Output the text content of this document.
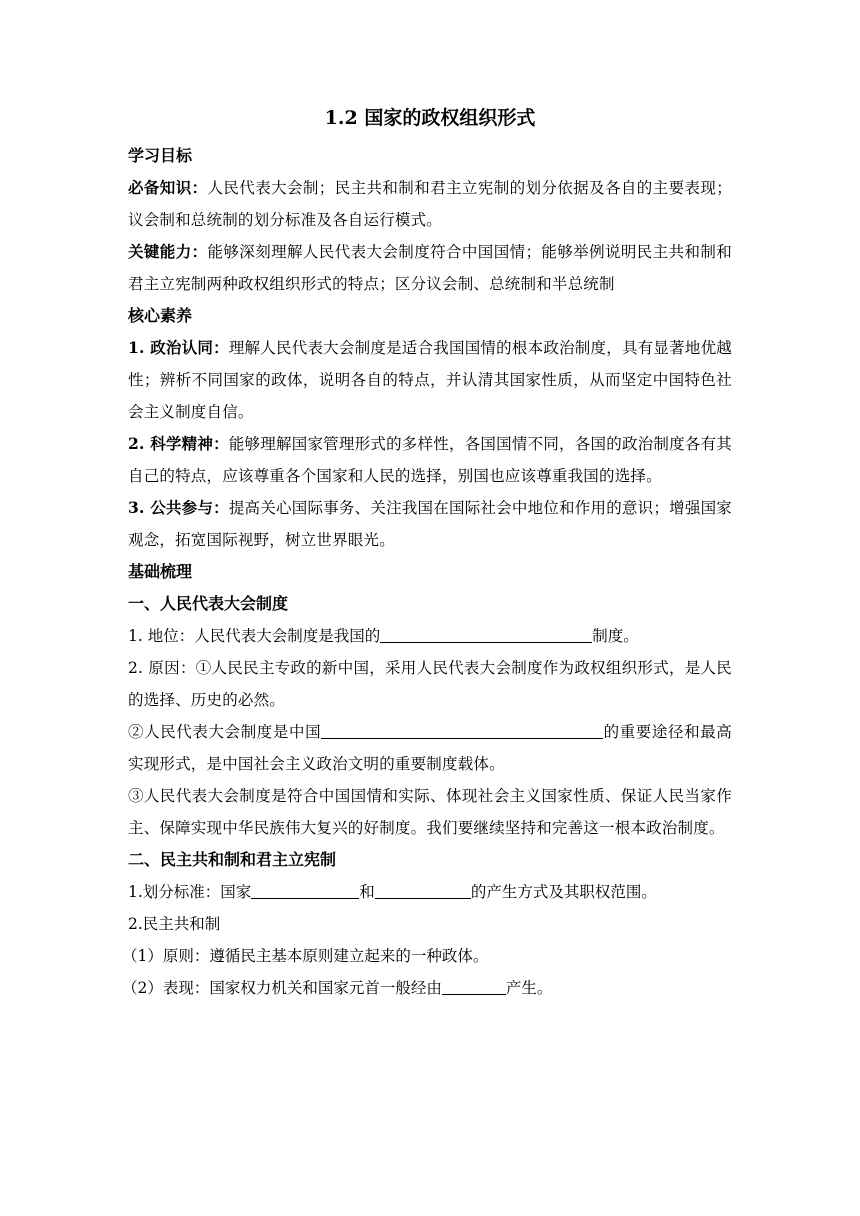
1.2 国家的政权组织形式

学习目标

必备知识：人民代表大会制；民主共和制和君主立宪制的划分依据及各自的主要表现；议会制和总统制的划分标准及各自运行模式。

关键能力：能够深刻理解人民代表大会制度符合中国国情；能够举例说明民主共和制和君主立宪制两种政权组织形式的特点；区分议会制、总统制和半总统制

核心素养

1. 政治认同：理解人民代表大会制度是适合我国国情的根本政治制度，具有显著地优越性；辨析不同国家的政体，说明各自的特点，并认清其国家性质，从而坚定中国特色社会主义制度自信。

2. 科学精神：能够理解国家管理形式的多样性，各国国情不同，各国的政治制度各有其自己的特点，应该尊重各个国家和人民的选择，别国也应该尊重我国的选择。

3. 公共参与：提高关心国际事务、关注我国在国际社会中地位和作用的意识；增强国家观念，拓宽国际视野，树立世界眼光。

基础梳理

一、人民代表大会制度

1. 地位：人民代表大会制度是我国的	制度。

2. 原因：①人民民主专政的新中国，采用人民代表大会制度作为政权组织形式，是人民的选择、历史的必然。

②人民代表大会制度是中国	的重要途径和最高实现形式，是中国社会主义政治文明的重要制度载体。

③人民代表大会制度是符合中国国情和实际、体现社会主义国家性质、保证人民当家作主、保障实现中华民族伟大复兴的好制度。我们要继续坚持和完善这一根本政治制度。

二、民主共和制和君主立宪制

1.划分标准：国家	和	的产生方式及其职权范围。

2.民主共和制

（1）原则：遵循民主基本原则建立起来的一种政体。

（2）表现：国家权力机关和国家元首一般经由	产生。
